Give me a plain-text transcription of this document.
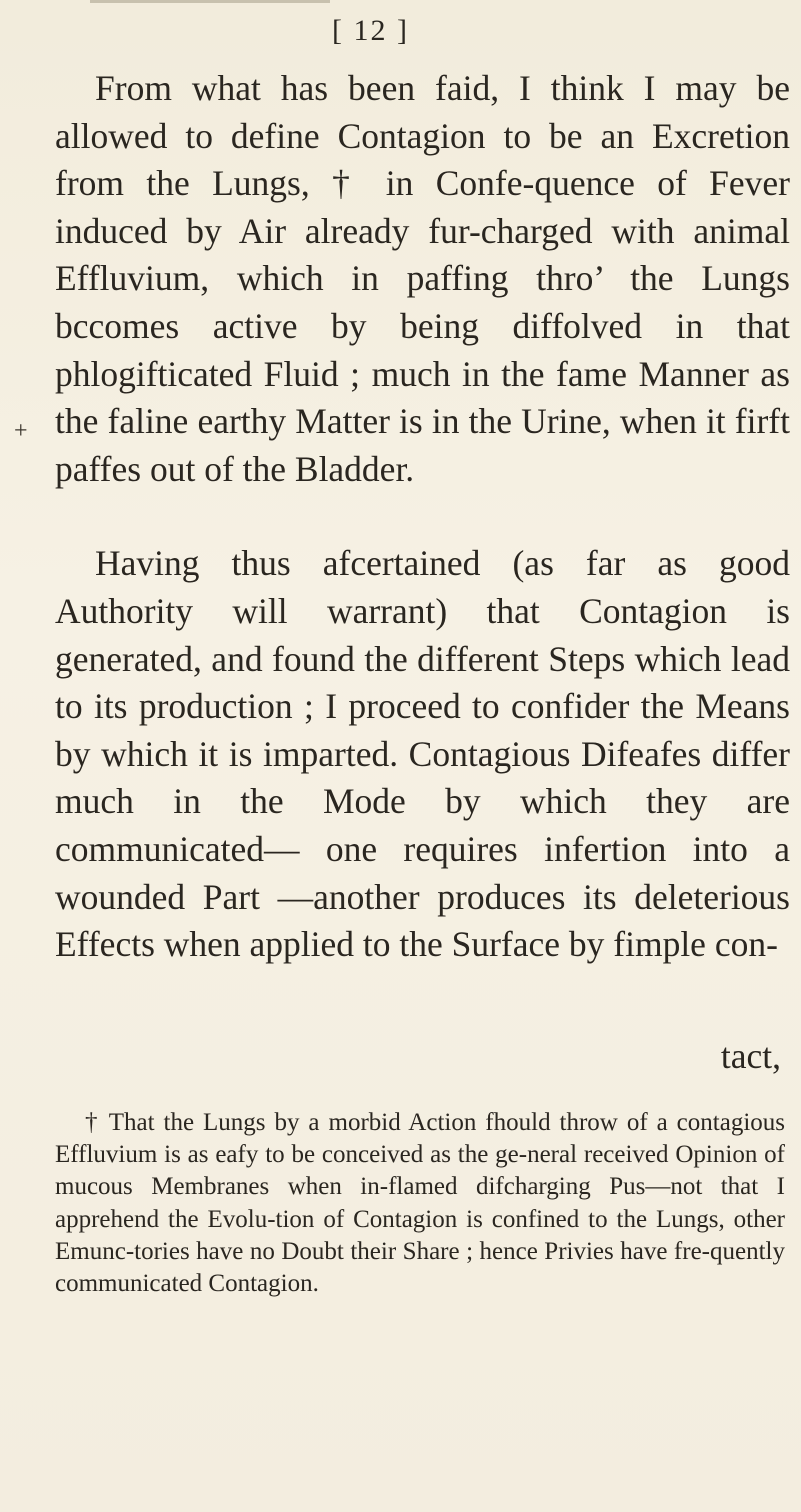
[ 12 ]
+

From what has been faid, I think I may be allowed to define Contagion to be an Excretion from the Lungs, † in Confe-quence of Fever induced by Air already fur-charged with animal Effluvium, which in paffing thro’ the Lungs bccomes active by being diffolved in that phlogifticated Fluid ; much in the fame Manner as the faline earthy Matter is in the Urine, when it firft paffes out of the Bladder.

Having thus afcertained (as far as good Authority will warrant) that Contagion is generated, and found the different Steps which lead to its production ; I proceed to confider the Means by which it is imparted. Contagious Difeafes differ much in the Mode by which they are communicated— one requires infertion into a wounded Part —another produces its deleterious Effects when applied to the Surface by fimple con-

tact,

† That the Lungs by a morbid Action fhould throw of a contagious Effluvium is as eafy to be conceived as the ge-neral received Opinion of mucous Membranes when in-flamed difcharging Pus—not that I apprehend the Evolu-tion of Contagion is confined to the Lungs, other Emunc-tories have no Doubt their Share ; hence Privies have fre-quently communicated Contagion.
